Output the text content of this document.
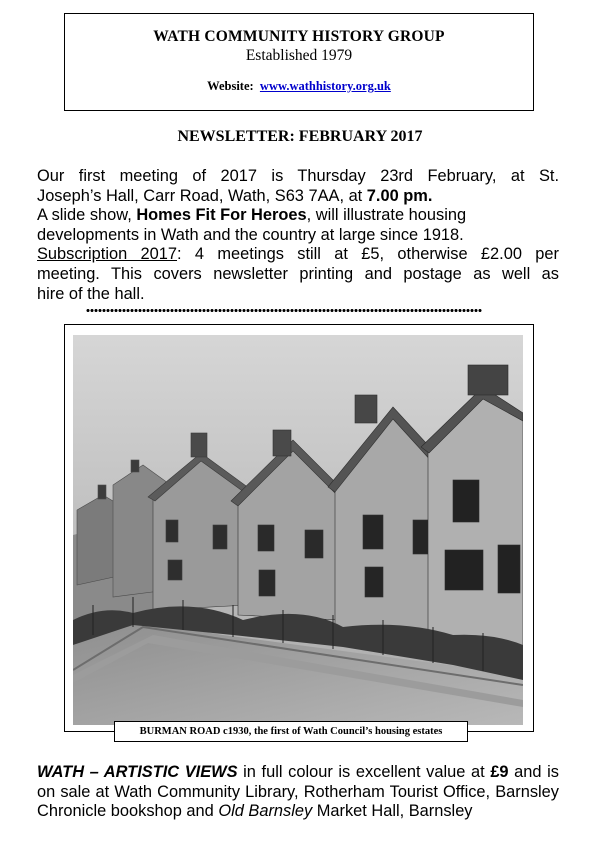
WATH COMMUNITY HISTORY GROUP
Established 1979
Website: www.wathhistory.org.uk
NEWSLETTER: FEBRUARY 2017

Our first meeting of 2017 is Thursday 23rd February, at St.

Joseph’s Hall, Carr Road, Wath, S63 7AA, at 7.00 pm.

A slide show, Homes Fit For Heroes, will illustrate housing

developments in Wath and the country at large since 1918.

Subscription 2017: 4 meetings still at £5, otherwise £2.00 per

meeting. This covers newsletter printing and postage as well as

hire of the hall.

BURMAN ROAD c1930, the first of Wath Council’s housing estates

WATH – ARTISTIC VIEWS in full colour is excellent value at £9 and is

on sale at Wath Community Library, Rotherham Tourist Office, Barnsley

Chronicle bookshop and Old Barnsley Market Hall, Barnsley
